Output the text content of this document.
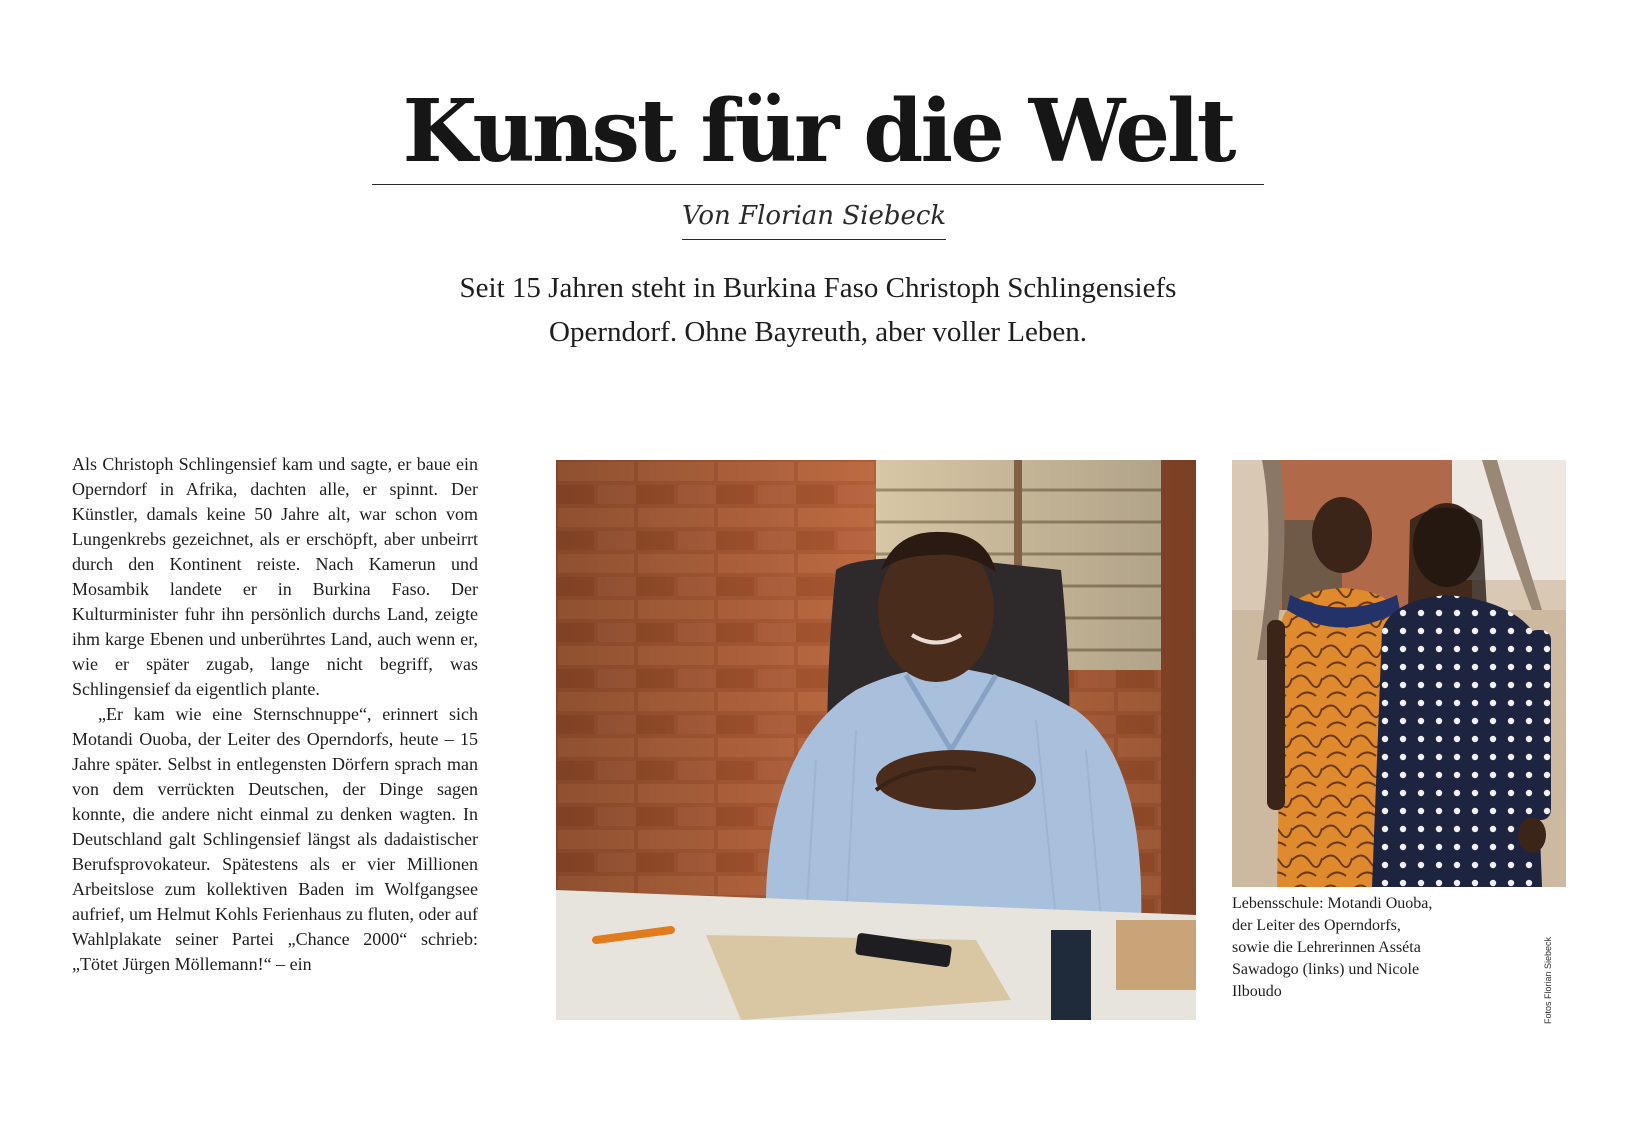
Kunst für die Welt
Von Florian Siebeck
Seit 15 Jahren steht in Burkina Faso Christoph Schlingensiefs
Operndorf. Ohne Bayreuth, aber voller Leben.

Als Christoph Schlingensief kam und sagte, er baue ein Operndorf in Afrika, dachten alle, er spinnt. Der Künstler, damals keine 50 Jahre alt, war schon vom Lungenkrebs gezeichnet, als er erschöpft, aber unbeirrt durch den Kontinent reiste. Nach Kamerun und Mosambik landete er in Burkina Faso. Der Kulturminister fuhr ihn persönlich durchs Land, zeigte ihm karge Ebenen und unberührtes Land, auch wenn er, wie er später zugab, lange nicht begriff, was Schlingensief da eigentlich plante.

„Er kam wie eine Sternschnuppe“, erinnert sich Motandi Ouoba, der Leiter des Operndorfs, heute – 15 Jahre später. Selbst in entlegensten Dörfern sprach man von dem verrückten Deutschen, der Dinge sagen konnte, die andere nicht einmal zu denken wagten. In Deutschland galt Schlingensief längst als dadaistischer Berufsprovokateur. Spätestens als er vier Millionen Arbeitslose zum kollektiven Baden im Wolfgangsee aufrief, um Helmut Kohls Ferienhaus zu fluten, oder auf Wahlplakate seiner Partei „Chance 2000“ schrieb: „Tötet Jürgen Möllemann!“ – ein

Lebensschule: Motandi Ouoba, der Leiter des Operndorfs, sowie die Lehrerinnen Asséta Sawadogo (links) und Nicole Ilboudo	Fotos Florian Siebeck
